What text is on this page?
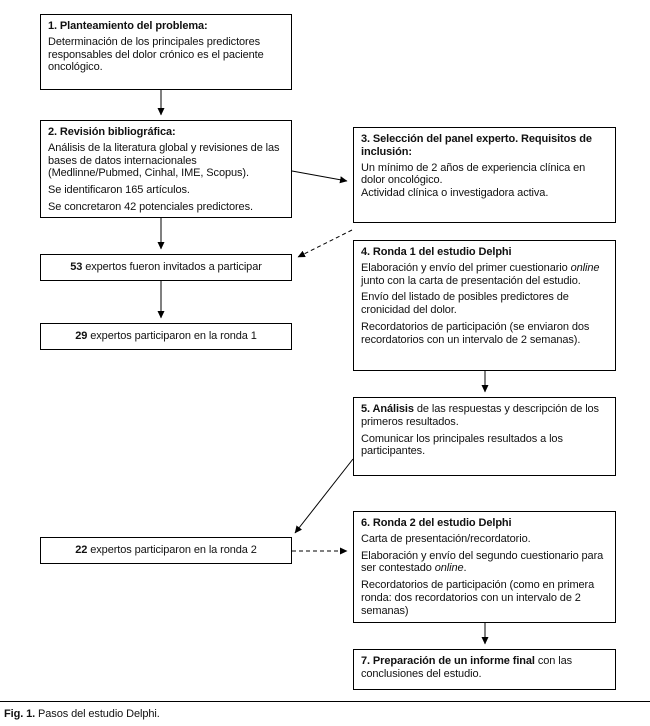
1. Planteamiento del problema:

Determinación de los principales predictores responsables del dolor crónico es el paciente oncológico.

2. Revisión bibliográfica:

Análisis de la literatura global y revisiones de las bases de datos internacionales (Medlinne/Pubmed, Cinhal, IME, Scopus).

Se identificaron 165 artículos.

Se concretaron 42 potenciales predictores.

3. Selección del panel experto. Requisitos de inclusión:

Un mínimo de 2 años de experiencia clínica en dolor oncológico.

Actividad clínica o investigadora activa.

53 expertos fueron invitados a participar
29 expertos participaron en la ronda 1
4. Ronda 1 del estudio Delphi

Elaboración y envío del primer cuestionario online junto con la carta de presentación del estudio.

Envío del listado de posibles predictores de cronicidad del dolor.

Recordatorios de participación (se enviaron dos recordatorios con un intervalo de 2 semanas).

5. Análisis de las respuestas y descripción de los primeros resultados.

Comunicar los principales resultados a los participantes.

22 expertos participaron en la ronda 2
6. Ronda 2 del estudio Delphi

Carta de presentación/recordatorio.

Elaboración y envío del segundo cuestionario para ser contestado online.

Recordatorios de participación (como en primera ronda: dos recordatorios con un intervalo de 2 semanas)

7. Preparación de un informe final con las conclusiones del estudio.

Fig. 1. Pasos del estudio Delphi.
